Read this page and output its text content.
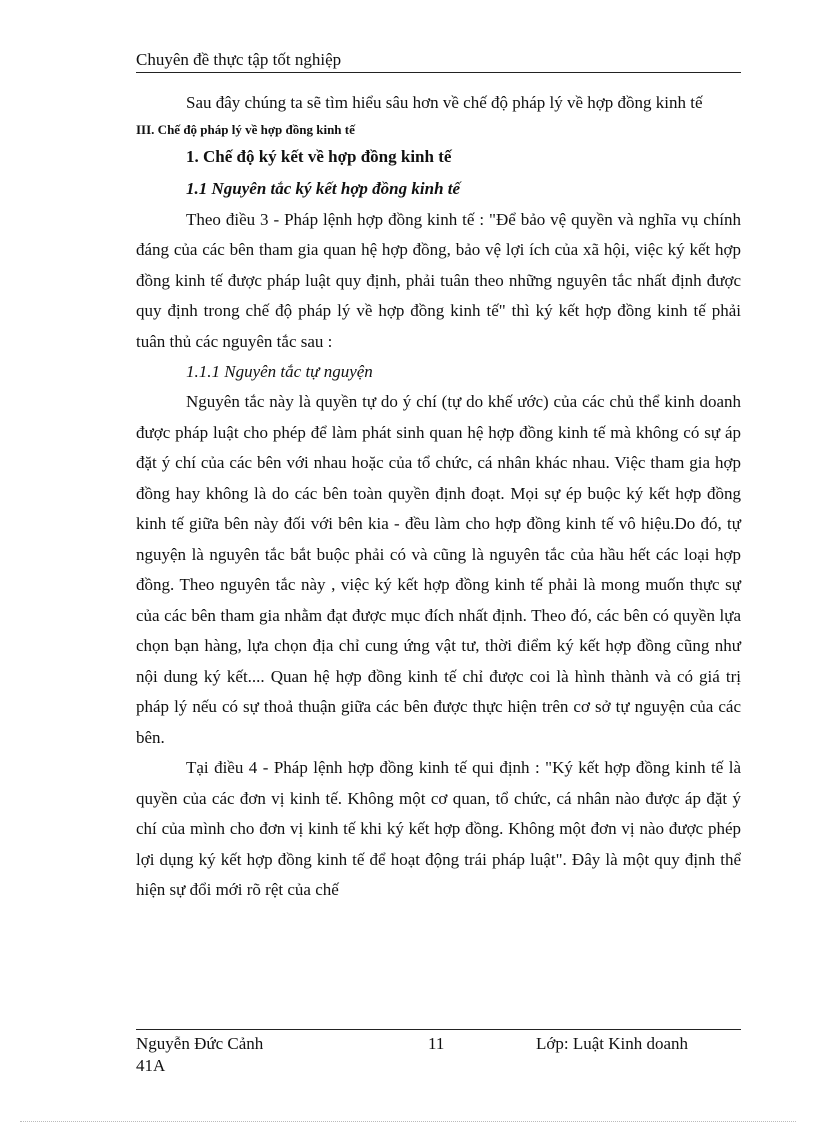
Chuyên đề thực tập tốt nghiệp

Sau đây chúng ta sẽ tìm hiểu sâu hơn về chế độ pháp lý về hợp đồng kinh tế

III. Chế độ pháp lý về hợp đồng kinh tế

1. Chế độ ký kết về hợp đồng kinh tế

1.1 Nguyên tắc ký kết hợp đồng kinh tế

Theo điều 3 - Pháp lệnh hợp đồng kinh tế : "Để bảo vệ quyền và nghĩa vụ chính đáng của các bên tham gia quan hệ hợp đồng, bảo vệ lợi ích của xã hội, việc ký kết hợp đồng kinh tế được pháp luật quy định, phải tuân theo những nguyên tắc nhất định được quy định trong chế độ pháp lý về hợp đồng kinh tế" thì ký kết hợp đồng kinh tế phải tuân thủ các nguyên tắc sau :

1.1.1 Nguyên tắc tự nguyện

Nguyên tắc này là quyền tự do ý chí (tự do khế ước) của các chủ thể kinh doanh được pháp luật cho phép để làm phát sinh quan hệ hợp đồng kinh tế mà không có sự áp đặt ý chí của các bên với nhau hoặc của tổ chức, cá nhân khác nhau. Việc tham gia hợp đồng hay không là do các bên toàn quyền định đoạt. Mọi sự ép buộc ký kết hợp đồng kinh tế giữa bên này đối với bên kia - đều làm cho hợp đồng kinh tế vô hiệu.Do đó, tự nguyện là nguyên tắc bắt buộc phải có và cũng là nguyên tắc của hầu hết các loại hợp đồng. Theo nguyên tắc này , việc ký kết hợp đồng kinh tế phải là mong muốn thực sự của các bên tham gia nhằm đạt được mục đích nhất định. Theo đó, các bên có quyền lựa chọn bạn hàng, lựa chọn địa chỉ cung ứng vật tư, thời điểm ký kết hợp đồng cũng như nội dung ký kết.... Quan hệ hợp đồng kinh tế chỉ được coi là hình thành và có giá trị pháp lý nếu có sự thoả thuận giữa các bên được thực hiện trên cơ sở tự nguyện của các bên.

Tại điều 4 - Pháp lệnh hợp đồng kinh tế qui định : "Ký kết hợp đồng kinh tế là quyền của các đơn vị kinh tế. Không một cơ quan, tổ chức, cá nhân nào được áp đặt ý chí của mình cho đơn vị kinh tế khi ký kết hợp đồng. Không một đơn vị nào được phép lợi dụng ký kết hợp đồng kinh tế để hoạt động trái pháp luật". Đây là một quy định thể hiện sự đổi mới rõ rệt của chế

Nguyễn Đức Cảnh 41A
11	Lớp: Luật Kinh doanh
